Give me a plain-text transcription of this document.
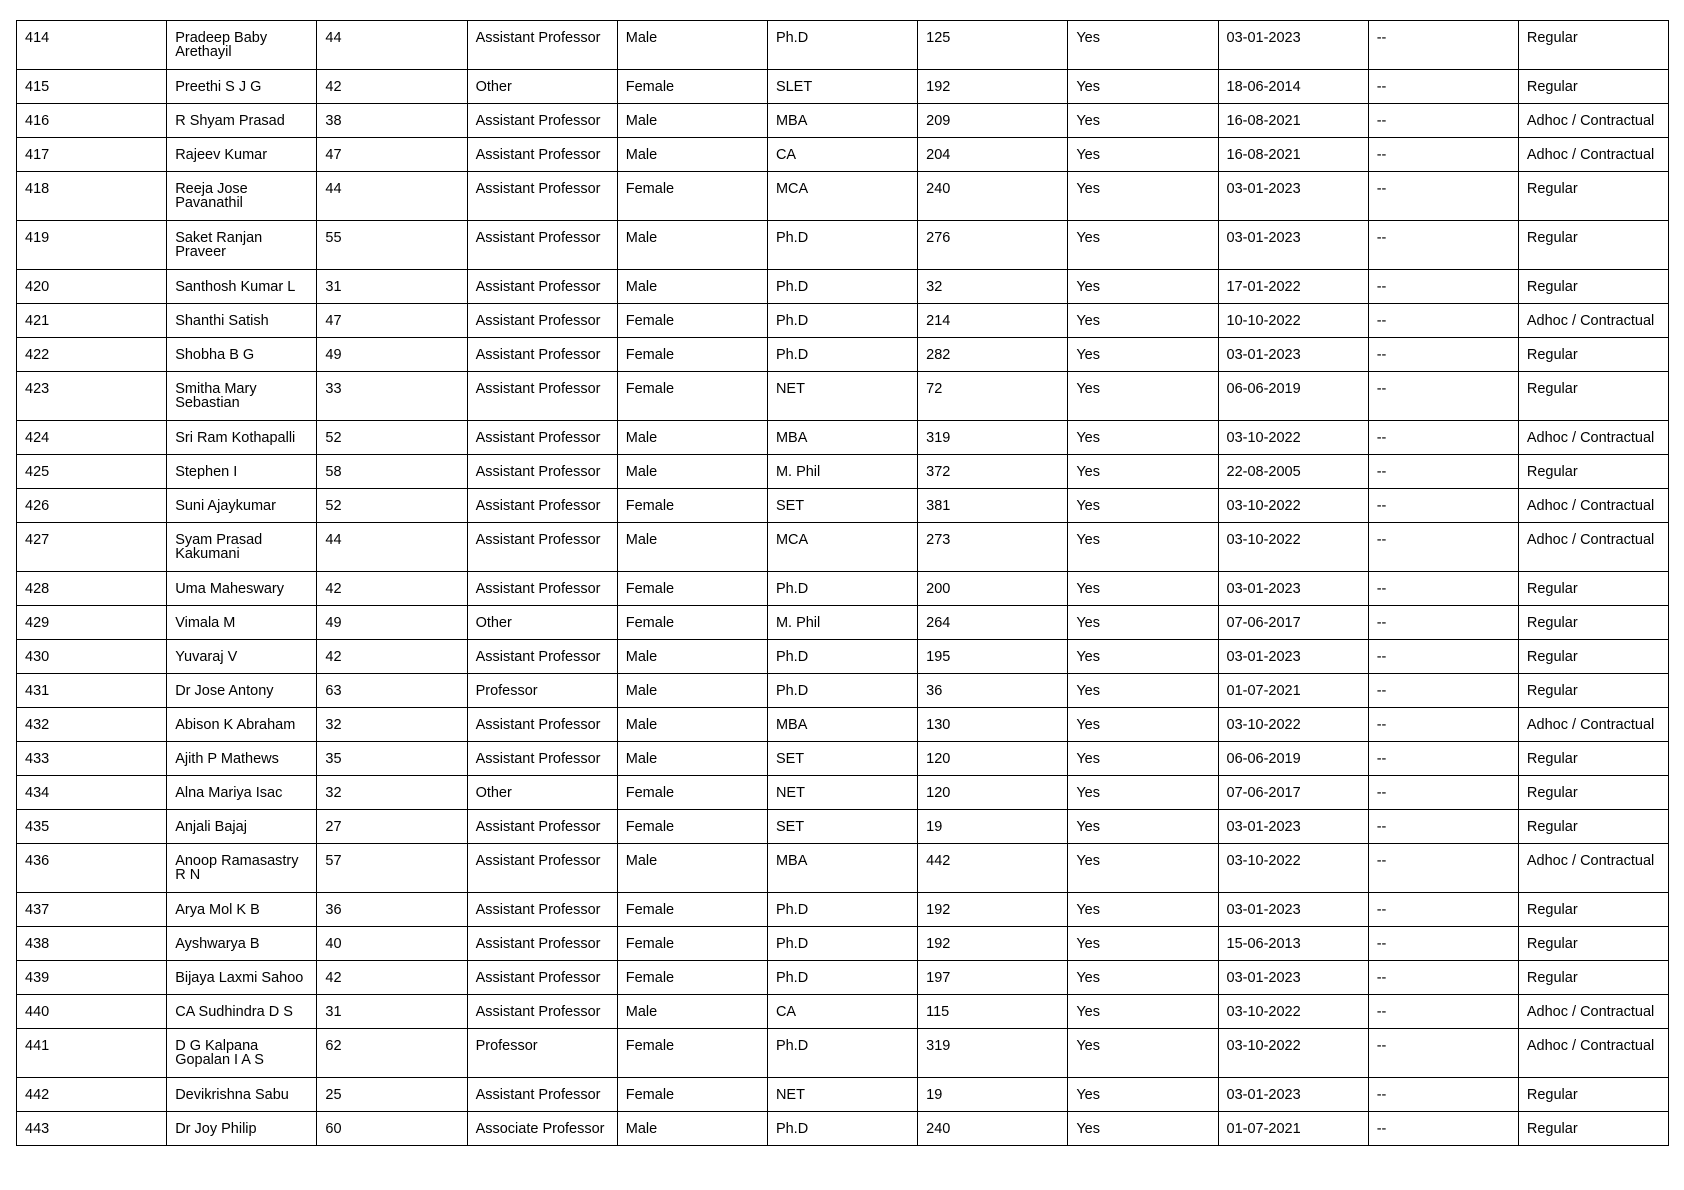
414	Pradeep Baby Arethayil	44	Assistant Professor	Male	Ph.D	125	Yes	03-01-2023	--	Regular
415	Preethi S J G	42	Other	Female	SLET	192	Yes	18-06-2014	--	Regular
416	R Shyam Prasad	38	Assistant Professor	Male	MBA	209	Yes	16-08-2021	--	Adhoc / Contractual
417	Rajeev Kumar	47	Assistant Professor	Male	CA	204	Yes	16-08-2021	--	Adhoc / Contractual
418	Reeja Jose Pavanathil	44	Assistant Professor	Female	MCA	240	Yes	03-01-2023	--	Regular
419	Saket Ranjan Praveer	55	Assistant Professor	Male	Ph.D	276	Yes	03-01-2023	--	Regular
420	Santhosh Kumar L	31	Assistant Professor	Male	Ph.D	32	Yes	17-01-2022	--	Regular
421	Shanthi Satish	47	Assistant Professor	Female	Ph.D	214	Yes	10-10-2022	--	Adhoc / Contractual
422	Shobha B G	49	Assistant Professor	Female	Ph.D	282	Yes	03-01-2023	--	Regular
423	Smitha Mary Sebastian	33	Assistant Professor	Female	NET	72	Yes	06-06-2019	--	Regular
424	Sri Ram Kothapalli	52	Assistant Professor	Male	MBA	319	Yes	03-10-2022	--	Adhoc / Contractual
425	Stephen I	58	Assistant Professor	Male	M. Phil	372	Yes	22-08-2005	--	Regular
426	Suni Ajaykumar	52	Assistant Professor	Female	SET	381	Yes	03-10-2022	--	Adhoc / Contractual
427	Syam Prasad Kakumani	44	Assistant Professor	Male	MCA	273	Yes	03-10-2022	--	Adhoc / Contractual
428	Uma Maheswary	42	Assistant Professor	Female	Ph.D	200	Yes	03-01-2023	--	Regular
429	Vimala M	49	Other	Female	M. Phil	264	Yes	07-06-2017	--	Regular
430	Yuvaraj V	42	Assistant Professor	Male	Ph.D	195	Yes	03-01-2023	--	Regular
431	Dr Jose Antony	63	Professor	Male	Ph.D	36	Yes	01-07-2021	--	Regular
432	Abison K Abraham	32	Assistant Professor	Male	MBA	130	Yes	03-10-2022	--	Adhoc / Contractual
433	Ajith P Mathews	35	Assistant Professor	Male	SET	120	Yes	06-06-2019	--	Regular
434	Alna Mariya Isac	32	Other	Female	NET	120	Yes	07-06-2017	--	Regular
435	Anjali Bajaj	27	Assistant Professor	Female	SET	19	Yes	03-01-2023	--	Regular
436	Anoop Ramasastry R N	57	Assistant Professor	Male	MBA	442	Yes	03-10-2022	--	Adhoc / Contractual
437	Arya Mol K B	36	Assistant Professor	Female	Ph.D	192	Yes	03-01-2023	--	Regular
438	Ayshwarya B	40	Assistant Professor	Female	Ph.D	192	Yes	15-06-2013	--	Regular
439	Bijaya Laxmi Sahoo	42	Assistant Professor	Female	Ph.D	197	Yes	03-01-2023	--	Regular
440	CA Sudhindra D S	31	Assistant Professor	Male	CA	115	Yes	03-10-2022	--	Adhoc / Contractual
441	D G Kalpana Gopalan I A S	62	Professor	Female	Ph.D	319	Yes	03-10-2022	--	Adhoc / Contractual
442	Devikrishna Sabu	25	Assistant Professor	Female	NET	19	Yes	03-01-2023	--	Regular
443	Dr Joy Philip	60	Associate Professor	Male	Ph.D	240	Yes	01-07-2021	--	Regular
